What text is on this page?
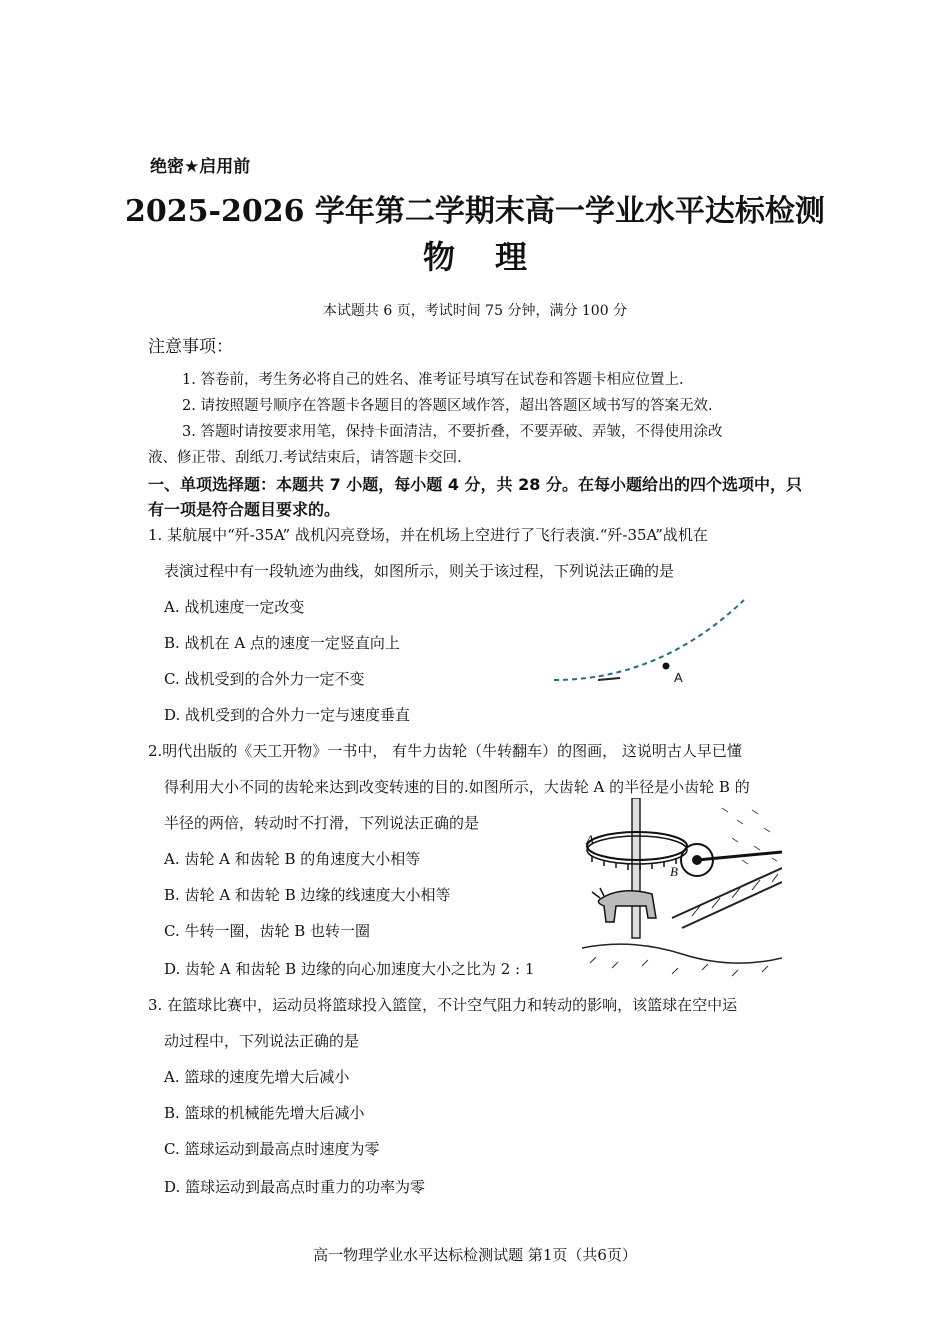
绝密★启用前
2025-2026 学年第二学期末高一学业水平达标检测
物理
本试题共 6 页，考试时间 75 分钟，满分 100 分
注意事项：
1. 答卷前，考生务必将自己的姓名、准考证号填写在试卷和答题卡相应位置上.
2. 请按照题号顺序在答题卡各题目的答题区域作答，超出答题区域书写的答案无效.
3. 答题时请按要求用笔，保持卡面清洁，不要折叠，不要弄破、弄皱，不得使用涂改
液、修正带、刮纸刀.考试结束后，请答题卡交回.
一、单项选择题：本题共 7 小题，每小题 4 分，共 28 分。在每小题给出的四个选项中，只
有一项是符合题目要求的。
1. 某航展中“歼-35A” 战机闪亮登场，并在机场上空进行了飞行表演.“歼-35A”战机在
表演过程中有一段轨迹为曲线，如图所示，则关于该过程，下列说法正确的是
A. 战机速度一定改变
B. 战机在 A 点的速度一定竖直向上
C. 战机受到的合外力一定不变
D. 战机受到的合外力一定与速度垂直
A
2.明代出版的《天工开物》一书中， 有牛力齿轮（牛转翻车）的图画， 这说明古人早已懂
得利用大小不同的齿轮来达到改变转速的目的.如图所示，大齿轮 A 的半径是小齿轮 B 的
半径的两倍，转动时不打滑，下列说法正确的是
A. 齿轮 A 和齿轮 B 的角速度大小相等
B. 齿轮 A 和齿轮 B 边缘的线速度大小相等
C. 牛转一圈，齿轮 B 也转一圈
D. 齿轮 A 和齿轮 B 边缘的向心加速度大小之比为 2 : 1
A
B
3. 在篮球比赛中，运动员将篮球投入篮筐，不计空气阻力和转动的影响，该篮球在空中运
动过程中，下列说法正确的是
A. 篮球的速度先增大后减小
B. 篮球的机械能先增大后减小
C. 篮球运动到最高点时速度为零
D. 篮球运动到最高点时重力的功率为零
高一物理学业水平达标检测试题 第1页（共6页）
